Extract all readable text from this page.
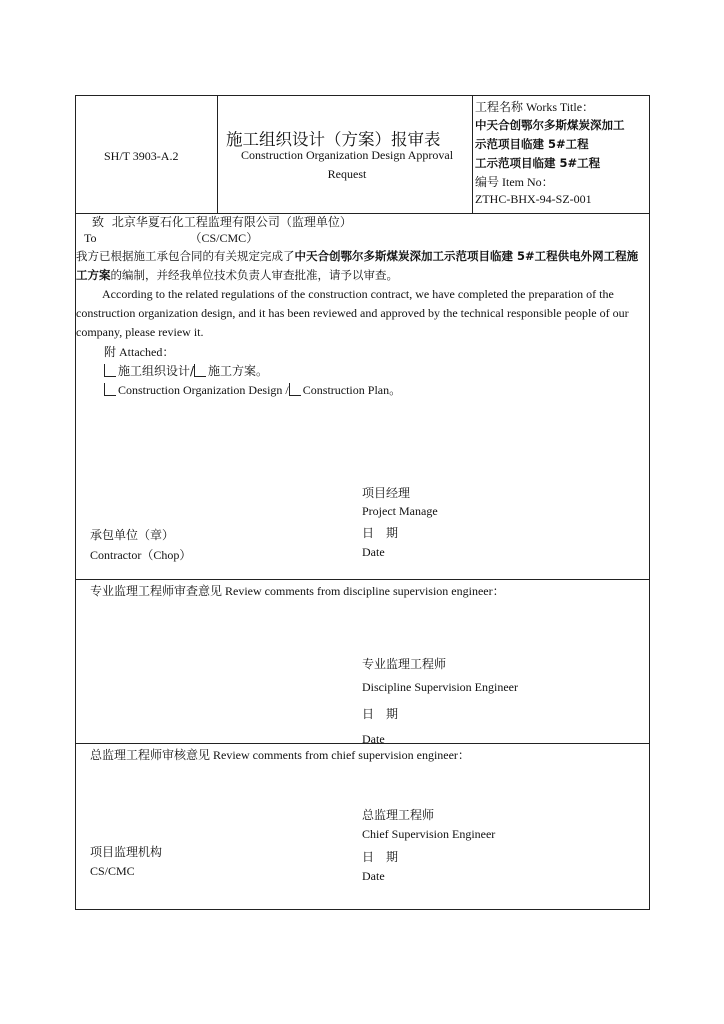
SH/T 3903-A.2
施工组织设计（方案）报审表
Construction Organization Design Approval Request
工程名称 Works Title：
中天合创鄂尔多斯煤炭深加工
示范项目临建 5#工程
工示范项目临建 5#工程
编号 Item No：
ZTHC-BHX-94-SZ-001
致 北京华夏石化工程监理有限公司（监理单位）
To	（CS/CMC）
我方已根据施工承包合同的有关规定完成了中天合创鄂尔多斯煤炭深加工示范项目临建 5#工程供电外网工程施工方案的编制，并经我单位技术负责人审查批准，请予以审查。
According to the related regulations of the construction contract, we have completed the preparation of the construction organization design, and it has been reviewed and approved by the technical responsible people of our company, please review it.
附 Attached：
施工组织设计/ 施工方案。
Construction Organization Design / Construction Plan。
项目经理
Project Manage
日　期
Date
承包单位（章）
Contractor（Chop）
专业监理工程师审查意见 Review comments from discipline supervision engineer：
专业监理工程师
Discipline Supervision Engineer
日　期
Date
总监理工程师审核意见 Review comments from chief supervision engineer：
总监理工程师
Chief Supervision Engineer
日　期
Date
项目监理机构
CS/CMC
